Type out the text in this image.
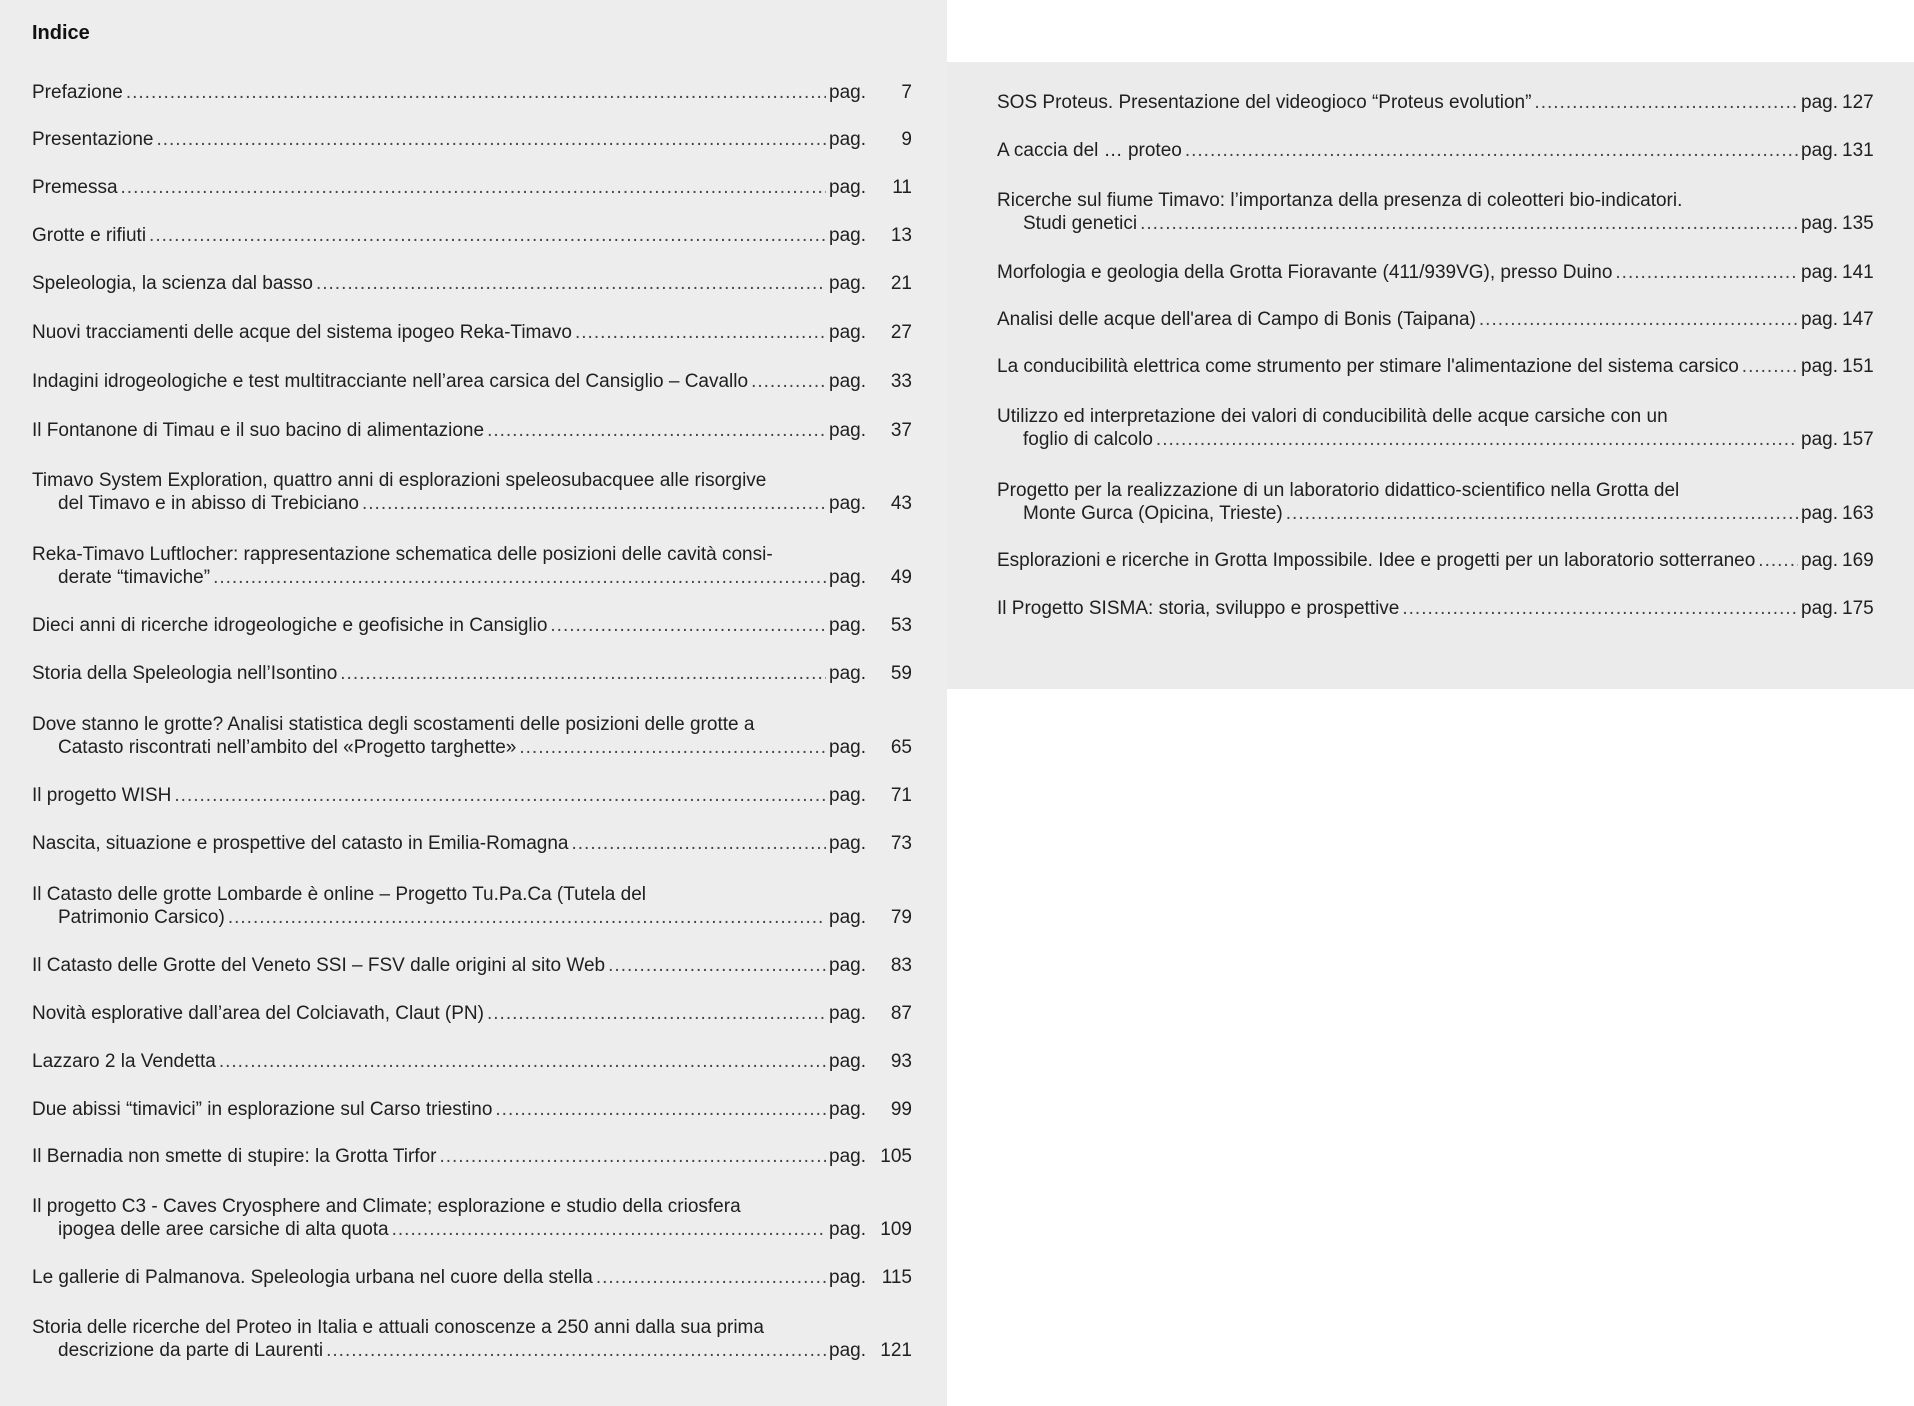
Indice
Prefazione .....	pag.	7
Presentazione .....	pag.	9
Premessa .....	pag.	11
Grotte e rifiuti .....	pag.	13
Speleologia, la scienza dal basso .....	pag.	21
Nuovi tracciamenti delle acque del sistema ipogeo Reka-Timavo .....	pag.	27
Indagini idrogeologiche e test multitracciante nell’area carsica del Cansiglio – Cavallo .....	pag.	33
Il Fontanone di Timau e il suo bacino di alimentazione .....	pag.	37
Timavo System Exploration, quattro anni di esplorazioni speleosubacquee alle risorgive
del Timavo e in abisso di Trebiciano .....	pag.	43
Reka-Timavo Luftlocher: rappresentazione schematica delle posizioni delle cavità consi-
derate “timaviche” .....	pag.	49
Dieci anni di ricerche idrogeologiche e geofisiche in Cansiglio .....	pag.	53
Storia della Speleologia nell’Isontino .....	pag.	59
Dove stanno le grotte? Analisi statistica degli scostamenti delle posizioni delle grotte a
Catasto riscontrati nell’ambito del «Progetto targhette» .....	pag.	65
Il progetto WISH .....	pag.	71
Nascita, situazione e prospettive del catasto in Emilia-Romagna .....	pag.	73
Il Catasto delle grotte Lombarde è online – Progetto Tu.Pa.Ca (Tutela del
Patrimonio Carsico) .....	pag.	79
Il Catasto delle Grotte del Veneto SSI – FSV dalle origini al sito Web .....	pag.	83
Novità esplorative dall’area del Colciavath, Claut (PN) .....	pag.	87
Lazzaro 2 la Vendetta .....	pag.	93
Due abissi “timavici” in esplorazione sul Carso triestino .....	pag.	99
Il Bernadia non smette di stupire: la Grotta Tirfor .....	pag. 105
Il progetto C3 - Caves Cryosphere and Climate; esplorazione e studio della criosfera
ipogea delle aree carsiche di alta quota .....	pag. 109
Le gallerie di Palmanova. Speleologia urbana nel cuore della stella .....	pag. 115
Storia delle ricerche del Proteo in Italia e attuali conoscenze a 250 anni dalla sua prima
descrizione da parte di Laurenti .....	pag. 121
SOS Proteus. Presentazione del videogioco “Proteus evolution” .....	pag. 127
A caccia del … proteo .....	pag. 131
Ricerche sul fiume Timavo: l’importanza della presenza di coleotteri bio-indicatori.
Studi genetici .....	pag. 135
Morfologia e geologia della Grotta Fioravante (411/939VG), presso Duino .....	pag. 141
Analisi delle acque dell'area di Campo di Bonis (Taipana) .....	pag. 147
La conducibilità elettrica come strumento per stimare l'alimentazione del sistema carsico .....	pag. 151
Utilizzo ed interpretazione dei valori di conducibilità delle acque carsiche con un
foglio di calcolo .....	pag. 157
Progetto per la realizzazione di un laboratorio didattico-scientifico nella Grotta del
Monte Gurca (Opicina, Trieste) .....	pag. 163
Esplorazioni e ricerche in Grotta Impossibile. Idee e progetti per un laboratorio sotterraneo ..... pag. 169
Il Progetto SISMA: storia, sviluppo e prospettive .....	pag. 175
